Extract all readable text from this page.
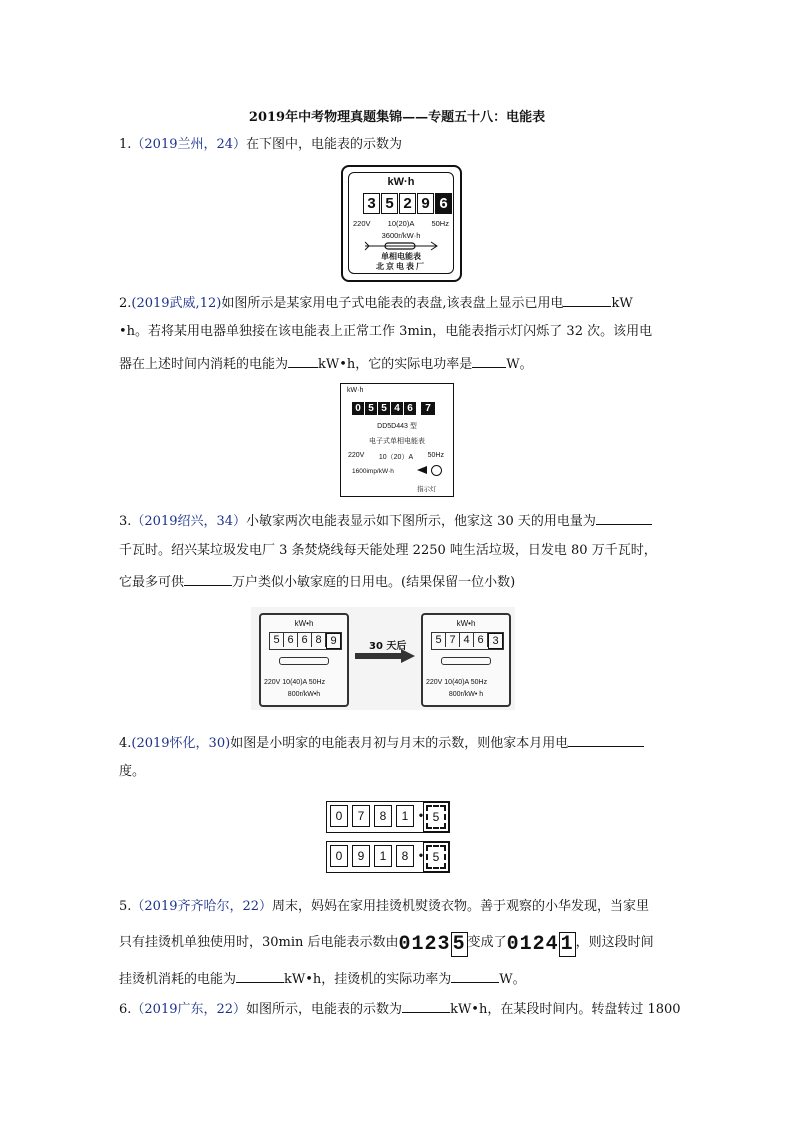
2019年中考物理真题集锦——专题五十八：电能表
1.（2019兰州，24）在下图中，电能表的示数为
kW·h
3 5 2 9 6
220V 10(20)A 50Hz
3600r/kW·h
单相电能表
北京电表厂
2.(2019武威,12)如图所示是某家用电子式电能表的表盘,该表盘上显示已用电	kW
•h。若将某用电器单独接在该电能表上正常工作 3min，电能表指示灯闪烁了 32 次。该用电
器在上述时间内消耗的电能为 kW•h，它的实际电功率是	W。
kW·h
0 5 5 4 6	7
DD5D443 型
电子式单相电能表
220V 10（20）A 50Hz
1600imp/kW·h
指示灯
3.（2019绍兴，34）小敏家两次电能表显示如下图所示，他家这 30 天的用电量为
千瓦时。绍兴某垃圾发电厂 3 条焚烧线每天能处理 2250 吨生活垃圾，日发电 80 万千瓦时，
它最多可供	万户类似小敏家庭的日用电。(结果保留一位小数)
kW•h
5 6 6 8 9
220V 10(40)A 50Hz
800r/kW•h
30 天后
kW•h
5 7 4 6 3
220V 10(40)A 50Hz
800r/kW• h
4.(2019怀化，30)如图是小明家的电能表月初与月末的示数，则他家本月用电
度。
0	7	8	1 • 5
0	9	1	8 • 5
5.（2019齐齐哈尔，22）周末，妈妈在家用挂烫机熨烫衣物。善于观察的小华发现，当家里
只有挂烫机单独使用时，30min 后电能表示数由0123 5 变成了0124 1 ，则这段时间
挂烫机消耗的电能为	kW•h，挂烫机的实际功率为	W。
6.（2019广东，22）如图所示，电能表的示数为	kW•h，在某段时间内。转盘转过 1800
